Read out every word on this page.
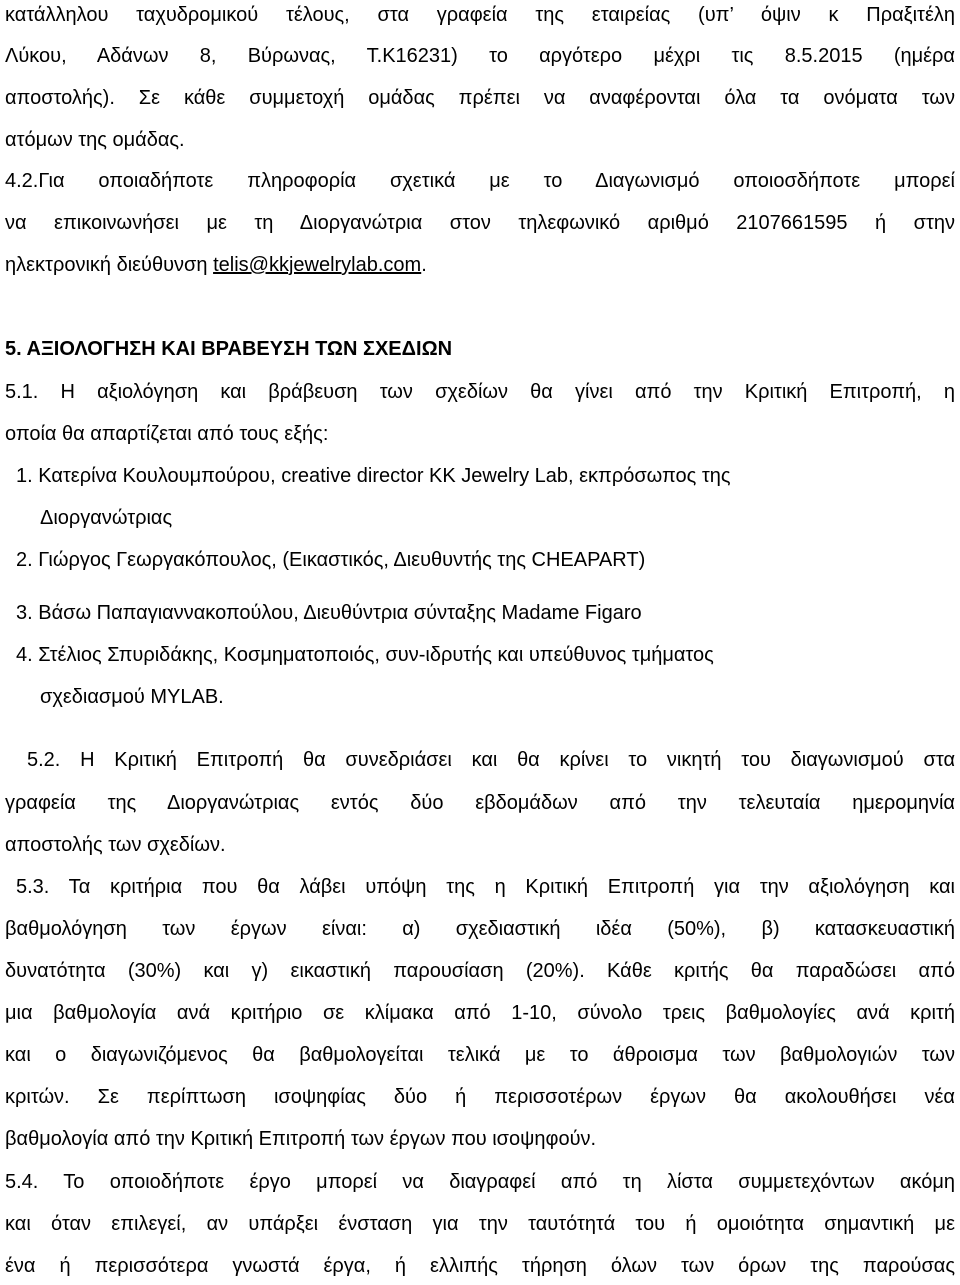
κατάλληλου ταχυδρομικού τέλους, στα γραφεία της εταιρείας (υπ’ όψιν κ Πραξιτέλη
Λύκου, Αδάνων 8, Βύρωνας, Τ.Κ16231) το αργότερο μέχρι τις 8.5.2015 (ημέρα
αποστολής). Σε κάθε συμμετοχή ομάδας πρέπει να αναφέρονται όλα τα ονόματα των
ατόμων της ομάδας.
4.2.Για οποιαδήποτε πληροφορία σχετικά με το Διαγωνισμό οποιοσδήποτε μπορεί
να επικοινωνήσει με τη Διοργανώτρια στον τηλεφωνικό αριθμό 2107661595 ή στην
ηλεκτρονική διεύθυνση telis@kkjewelrylab.com.
5. ΑΞΙΟΛΟΓΗΣΗ ΚΑΙ ΒΡΑΒΕΥΣΗ ΤΩΝ ΣΧΕΔΙΩΝ
5.1. Η αξιολόγηση και βράβευση των σχεδίων θα γίνει από την Κριτική Επιτροπή, η
οποία θα απαρτίζεται από τους εξής:
1. Κατερίνα Κουλουμπούρου, creative director KK Jewelry Lab, εκπρόσωπος της
Διοργανώτριας
2. Γιώργος Γεωργακόπουλος, (Εικαστικός, Διευθυντής της CHEAPART)
3. Βάσω Παπαγιαννακοπούλου, Διευθύντρια σύνταξης Madame Figaro
4. Στέλιος Σπυριδάκης, Κοσμηματοποιός, συν-ιδρυτής και υπεύθυνος τμήματος
σχεδιασμού MYLAB.
5.2. Η Κριτική Επιτροπή θα συνεδριάσει και θα κρίνει το νικητή του διαγωνισμού στα
γραφεία της Διοργανώτριας εντός δύο εβδομάδων από την τελευταία ημερομηνία
αποστολής των σχεδίων.
5.3. Τα κριτήρια που θα λάβει υπόψη της η Κριτική Επιτροπή για την αξιολόγηση και
βαθμολόγηση των έργων είναι: α) σχεδιαστική ιδέα (50%), β) κατασκευαστική
δυνατότητα (30%) και γ) εικαστική παρουσίαση (20%). Κάθε κριτής θα παραδώσει από
μια βαθμολογία ανά κριτήριο σε κλίμακα από 1-10, σύνολο τρεις βαθμολογίες ανά κριτή
και ο διαγωνιζόμενος θα βαθμολογείται τελικά με το άθροισμα των βαθμολογιών των
κριτών. Σε περίπτωση ισοψηφίας δύο ή περισσοτέρων έργων θα ακολουθήσει νέα
βαθμολογία από την Κριτική Επιτροπή των έργων που ισοψηφούν.
5.4. Το οποιοδήποτε έργο μπορεί να διαγραφεί από τη λίστα συμμετεχόντων ακόμη
και όταν επιλεγεί, αν υπάρξει ένσταση για την ταυτότητά του ή ομοιότητα σημαντική με
ένα ή περισσότερα γνωστά έργα, ή ελλιπής τήρηση όλων των όρων της παρούσας
